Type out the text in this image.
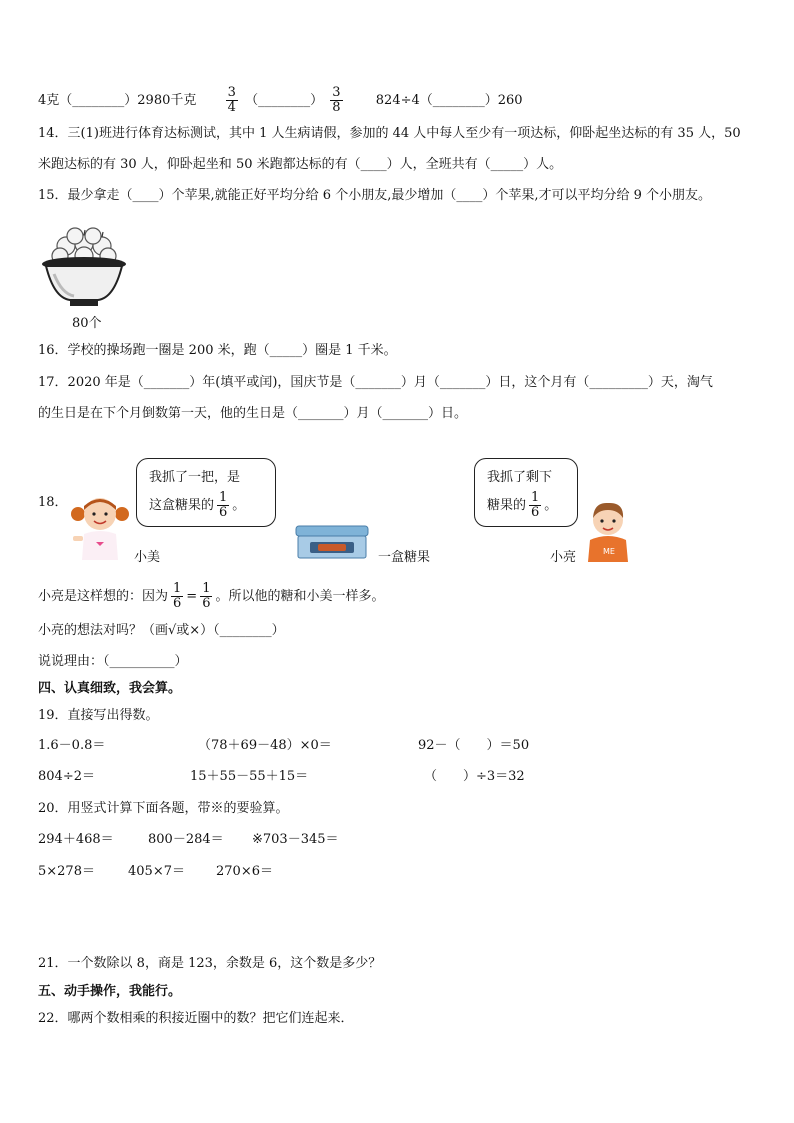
4克（________）2980千克 $\frac{3}{4}$ （________） $\frac{3}{8}$	824÷4（________）260
14．三(1)班进行体育达标测试，其中 1 人生病请假，参加的 44 人中每人至少有一项达标，仰卧起坐达标的有 35 人，50
米跑达标的有 30 人，仰卧起坐和 50 米跑都达标的有（____）人，全班共有（_____）人。
15．最少拿走（____）个苹果,就能正好平均分给 6 个小朋友,最少增加（____）个苹果,才可以平均分给 9 个小朋友。
80个
16．学校的操场跑一圈是 200 米，跑（_____）圈是 1 千米。
17．2020 年是（_______）年(填平或闰)，国庆节是（_______）月（_______）日，这个月有（_________）天，淘气
的生日是在下个月倒数第一天，他的生日是（_______）月（_______）日。
18．
小美
我抓了一把，是
这盒糖果的 $\frac{1}{6}$ 。
一盒糖果
我抓了剩下
糖果的 $\frac{1}{6}$ 。
ME
小亮
小亮是这样想的：因为 $\frac{1}{6} = \frac{1}{6}$ 。所以他的糖和小美一样多。
小亮的想法对吗？（画√或×）（________）
说说理由：（__________）
四、认真细致，我会算。
19．直接写出得数。
1.6－0.8＝	（78＋69－48）×0＝	92－（　　）＝50
804÷2＝	15＋55－55＋15＝	（　　）÷3＝32
20．用竖式计算下面各题，带※的要验算。
294＋468＝	800－284＝ ※703－345＝
5×278＝	405×7＝ 270×6＝
21．一个数除以 8，商是 123，余数是 6，这个数是多少？
五、动手操作，我能行。
22．哪两个数相乘的积接近圈中的数？把它们连起来．
